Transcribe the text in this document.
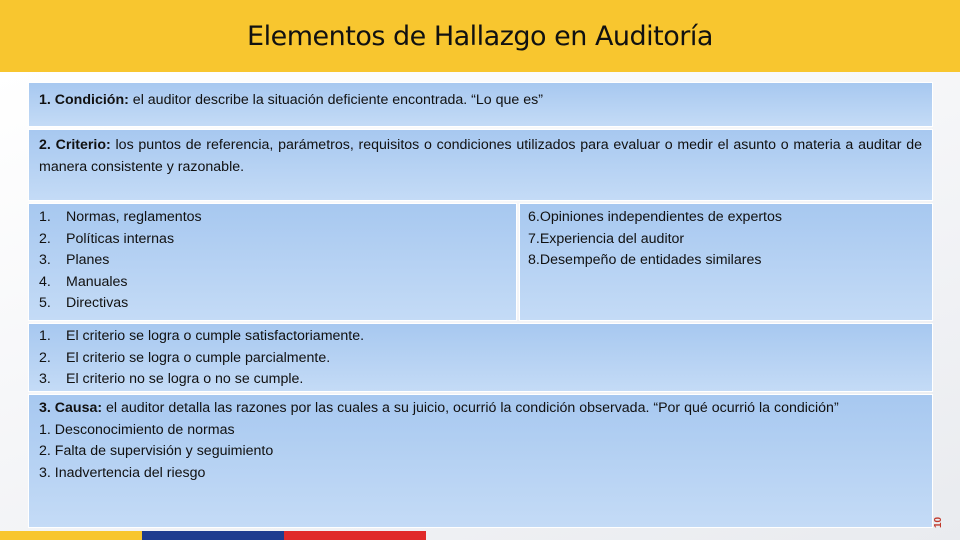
Elementos de Hallazgo en Auditoría
1. Condición: el auditor describe la situación deficiente encontrada. “Lo que es”
2. Criterio: los puntos de referencia, parámetros, requisitos o condiciones utilizados para evaluar o medir el asunto o materia a auditar de manera consistente y razonable.
1.	Normas, reglamentos
2.	Políticas internas
3.	Planes
4.	Manuales
5.	Directivas
6.Opiniones independientes de expertos
7.Experiencia del auditor
8.Desempeño de entidades similares
1.	El criterio se logra o cumple satisfactoriamente.
2.	El criterio se logra o cumple parcialmente.
3.	El criterio no se logra o no se cumple.
3. Causa: el auditor detalla las razones por las cuales a su juicio, ocurrió la condición observada. “Por qué ocurrió la condición”
1. Desconocimiento de normas
2. Falta de supervisión y seguimiento
3. Inadvertencia del riesgo
10
